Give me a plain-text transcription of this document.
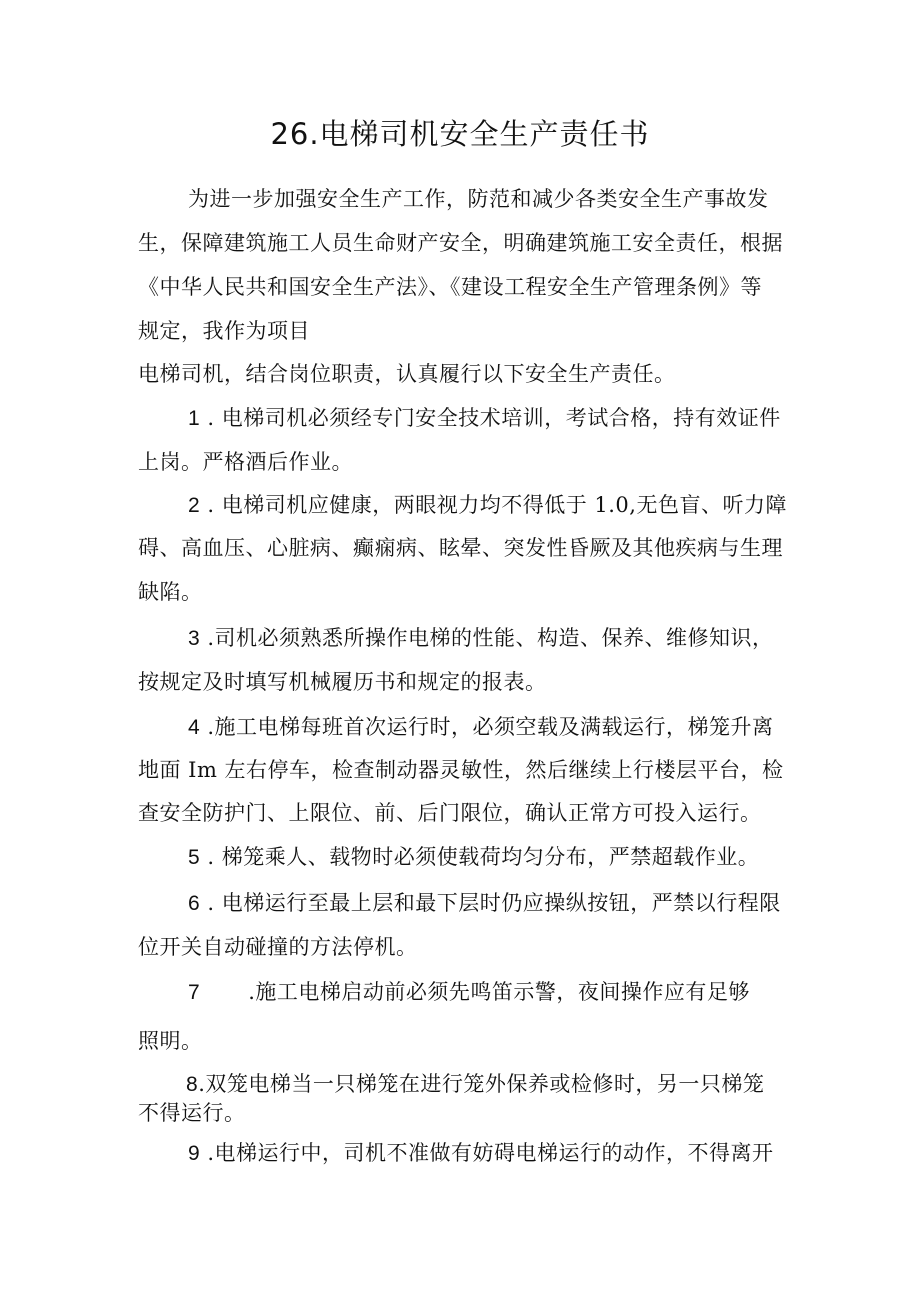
26.电梯司机安全生产责任书
为进一步加强安全生产工作，防范和减少各类安全生产事故发
生，保障建筑施工人员生命财产安全，明确建筑施工安全责任，根据
《中华人民共和国安全生产法》、《建设工程安全生产管理条例》等
规定，我作为项目
电梯司机，结合岗位职责，认真履行以下安全生产责任。
1 . 电梯司机必须经专门安全技术培训，考试合格，持有效证件
上岗。严格酒后作业。
2 . 电梯司机应健康，两眼视力均不得低于 1.0,无色盲、听力障
碍、高血压、心脏病、癫痫病、眩晕、突发性昏厥及其他疾病与生理
缺陷。
3 .司机必须熟悉所操作电梯的性能、构造、保养、维修知识，
按规定及时填写机械履历书和规定的报表。
4 .施工电梯每班首次运行时，必须空载及满载运行，梯笼升离
地面 Im 左右停车，检查制动器灵敏性，然后继续上行楼层平台，检
查安全防护门、上限位、前、后门限位，确认正常方可投入运行。
5 . 梯笼乘人、载物时必须使载荷均匀分布，严禁超载作业。
6 . 电梯运行至最上层和最下层时仍应操纵按钮，严禁以行程限
位开关自动碰撞的方法停机。
7 .施工电梯启动前必须先鸣笛示警，夜间操作应有足够
照明。
8.双笼电梯当一只梯笼在进行笼外保养或检修时，另一只梯笼
不得运行。
9 .电梯运行中，司机不准做有妨碍电梯运行的动作，不得离开
